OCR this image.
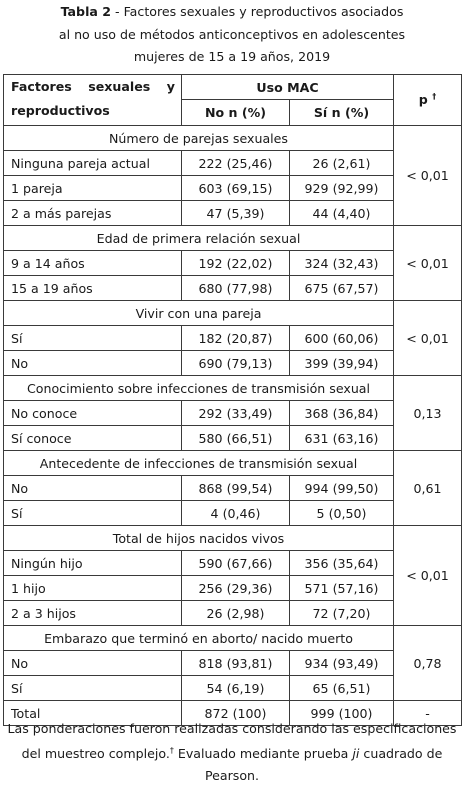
Tabla 2 - Factores sexuales y reproductivos asociados
al no uso de métodos anticonceptivos en adolescentes
mujeres de 15 a 19 años, 2019
Factores sexuales y
reproductivos	Uso MAC		p †
	No n (%)	Sí n (%)	
Número de parejas sexuales			< 0,01
Ninguna pareja actual	222 (25,46)	26 (2,61)	
1 pareja	603 (69,15)	929 (92,99)	
2 a más parejas	47 (5,39)	44 (4,40)	
Edad de primera relación sexual			< 0,01
9 a 14 años	192 (22,02)	324 (32,43)	
15 a 19 años	680 (77,98)	675 (67,57)	
Vivir con una pareja			< 0,01
Sí	182 (20,87)	600 (60,06)	
No	690 (79,13)	399 (39,94)	
Conocimiento sobre infecciones de transmisión sexual			0,13
No conoce	292 (33,49)	368 (36,84)	
Sí conoce	580 (66,51)	631 (63,16)	
Antecedente de infecciones de transmisión sexual			0,61
No	868 (99,54)	994 (99,50)	
Sí	4 (0,46)	5 (0,50)	
Total de hijos nacidos vivos			< 0,01
Ningún hijo	590 (67,66)	356 (35,64)	
1 hijo	256 (29,36)	571 (57,16)	
2 a 3 hijos	26 (2,98)	72 (7,20)	
Embarazo que terminó en aborto/ nacido muerto			0,78
No	818 (93,81)	934 (93,49)	
Sí	54 (6,19)	65 (6,51)	
Total	872 (100)	999 (100)	-
Las ponderaciones fueron realizadas considerando las especificaciones
del muestreo complejo.† Evaluado mediante prueba ji cuadrado de Pearson.
